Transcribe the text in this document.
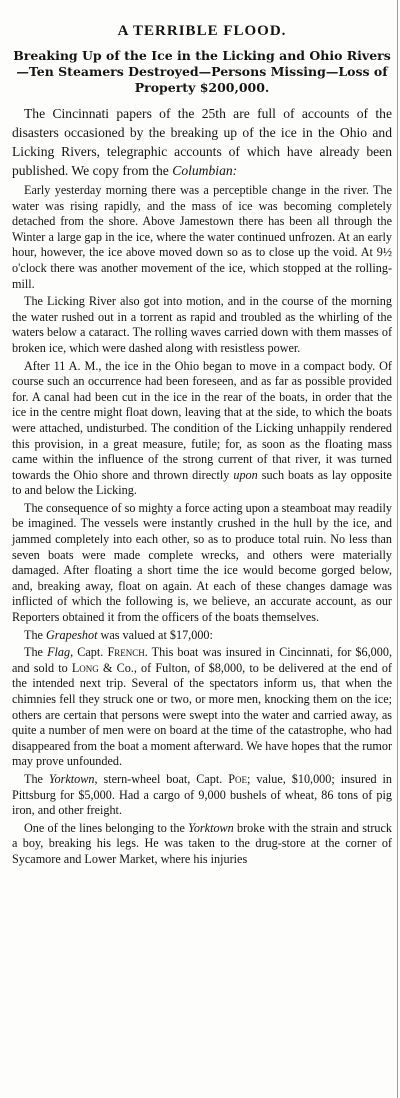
A TERRIBLE FLOOD.
Breaking Up of the Ice in the Licking and Ohio Rivers—Ten Steamers Destroyed—Persons Missing—Loss of Property $200,000.

The Cincinnati papers of the 25th are full of accounts of the disasters occasioned by the breaking up of the ice in the Ohio and Licking Rivers, telegraphic accounts of which have already been published. We copy from the Columbian:

Early yesterday morning there was a perceptible change in the river. The water was rising rapidly, and the mass of ice was becoming completely detached from the shore. Above Jamestown there has been all through the Winter a large gap in the ice, where the water continued unfrozen. At an early hour, however, the ice above moved down so as to close up the void. At 9½ o'clock there was another movement of the ice, which stopped at the rolling-mill.

The Licking River also got into motion, and in the course of the morning the water rushed out in a torrent as rapid and troubled as the whirling of the waters below a cataract. The rolling waves carried down with them masses of broken ice, which were dashed along with resistless power.

After 11 A. M., the ice in the Ohio began to move in a compact body. Of course such an occurrence had been foreseen, and as far as possible provided for. A canal had been cut in the ice in the rear of the boats, in order that the ice in the centre might float down, leaving that at the side, to which the boats were attached, undisturbed. The condition of the Licking unhappily rendered this provision, in a great measure, futile; for, as soon as the floating mass came within the influence of the strong current of that river, it was turned towards the Ohio shore and thrown directly upon such boats as lay opposite to and below the Licking.

The consequence of so mighty a force acting upon a steamboat may readily be imagined. The vessels were instantly crushed in the hull by the ice, and jammed completely into each other, so as to produce total ruin. No less than seven boats were made complete wrecks, and others were materially damaged. After floating a short time the ice would become gorged below, and, breaking away, float on again. At each of these changes damage was inflicted of which the following is, we believe, an accurate account, as our Reporters obtained it from the officers of the boats themselves.

The Grapeshot was valued at $17,000:

The Flag, Capt. French. This boat was insured in Cincinnati, for $6,000, and sold to Long & Co., of Fulton, of $8,000, to be delivered at the end of the intended next trip. Several of the spectators inform us, that when the chimnies fell they struck one or two, or more men, knocking them on the ice; others are certain that persons were swept into the water and carried away, as quite a number of men were on board at the time of the catastrophe, who had disappeared from the boat a moment afterward. We have hopes that the rumor may prove unfounded.

The Yorktown, stern-wheel boat, Capt. Poe; value, $10,000; insured in Pittsburg for $5,000. Had a cargo of 9,000 bushels of wheat, 86 tons of pig iron, and other freight.

One of the lines belonging to the Yorktown broke with the strain and struck a boy, breaking his legs. He was taken to the drug-store at the corner of Sycamore and Lower Market, where his injuries
